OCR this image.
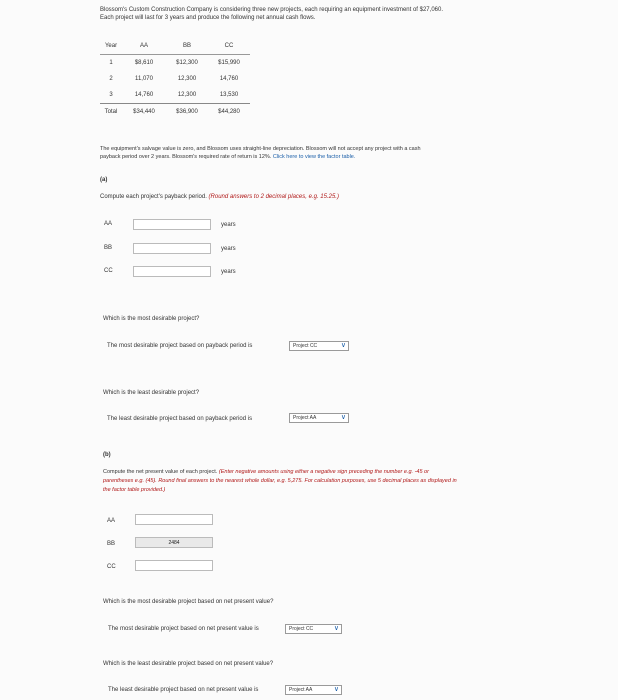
Blossom's Custom Construction Company is considering three new projects, each requiring an equipment investment of $27,060.
Each project will last for 3 years and produce the following net annual cash flows.
Year	AA	BB	CC
1	$8,610	$12,300	$15,990
2	11,070	12,300	14,760
3	14,760	12,300	13,530
Total	$34,440	$36,900	$44,280
The equipment's salvage value is zero, and Blossom uses straight-line depreciation. Blossom will not accept any project with a cash
payback period over 2 years. Blossom's required rate of return is 12%. Click here to view the factor table.
(a)
Compute each project's payback period. (Round answers to 2 decimal places, e.g. 15.25.)
AA	years
BB	years
CC	years
Which is the most desirable project?
The most desirable project based on payback period is	Project CC	∨
Which is the least desirable project?
The least desirable project based on payback period is	Project AA	∨
(b)
Compute the net present value of each project. (Enter negative amounts using either a negative sign preceding the number e.g. -45 or
parentheses e.g. (45). Round final answers to the nearest whole dollar, e.g. 5,275. For calculation purposes, use 5 decimal places as displayed in
the factor table provided.)
AA
BB	2484
CC
Which is the most desirable project based on net present value?
The most desirable project based on net present value is	Project CC	∨
Which is the least desirable project based on net present value?
The least desirable project based on net present value is	Project AA	∨
